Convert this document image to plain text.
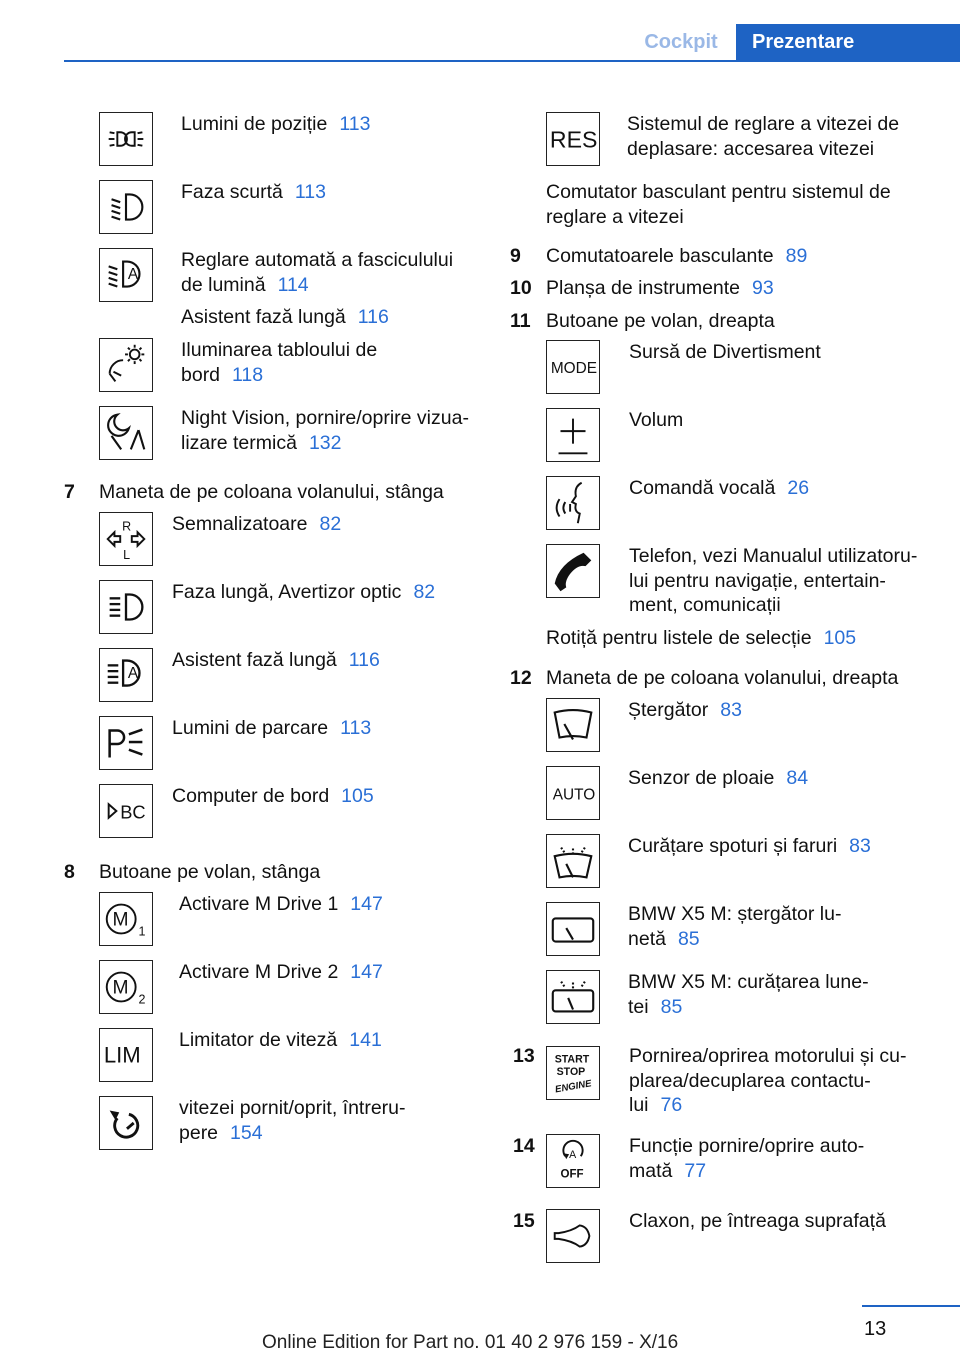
Cockpit	Prezentare
Lumini de poziție 113
Faza scurtă 113
A
Reglare automată a fasciculului
de lumină 114
Asistent fază lungă 116
Iluminarea tabloului de
bord 118
Night Vision, pornire/oprire vizua-
lizare termică 132
7 Maneta de pe coloana volanului, stânga
R
L
Semnalizatoare 82
Faza lungă, Avertizor optic 82
A
Asistent fază lungă 116
Lumini de parcare 113
BC
Computer de bord 105
8 Butoane pe volan, stânga
M
1
Activare M Drive 1 147
M
2
Activare M Drive 2 147
LIM
Limitator de viteză 141
vitezei pornit/oprit, întreru-
pere 154
RES
Sistemul de reglare a vitezei de
deplasare: accesarea vitezei
Comutator basculant pentru sistemul de
reglare a vitezei
9 Comutatoarele basculante 89
10 Planșa de instrumente 93
11 Butoane pe volan, dreapta
MODE
Sursă de Divertisment
Volum
Comandă vocală 26
Telefon, vezi Manualul utilizatoru-
lui pentru navigație, entertain-
ment, comunicații
Rotiță pentru listele de selecție 105
12 Maneta de pe coloana volanului, dreapta
Ștergător 83
AUTO
Senzor de ploaie 84
Curățare spoturi și faruri 83
BMW X5 M: ștergător lu-
netă 85
BMW X5 M: curățarea lune-
tei 85
13 START
STOP
ENGINE
Pornirea/oprirea motorului și cu-
plarea/decuplarea contactu-
lui 76
14	A
OFF
Funcție pornire/oprire auto-
mată 77
15	Claxon, pe întreaga suprafață
13
Online Edition for Part no. 01 40 2 976 159 - X/16
